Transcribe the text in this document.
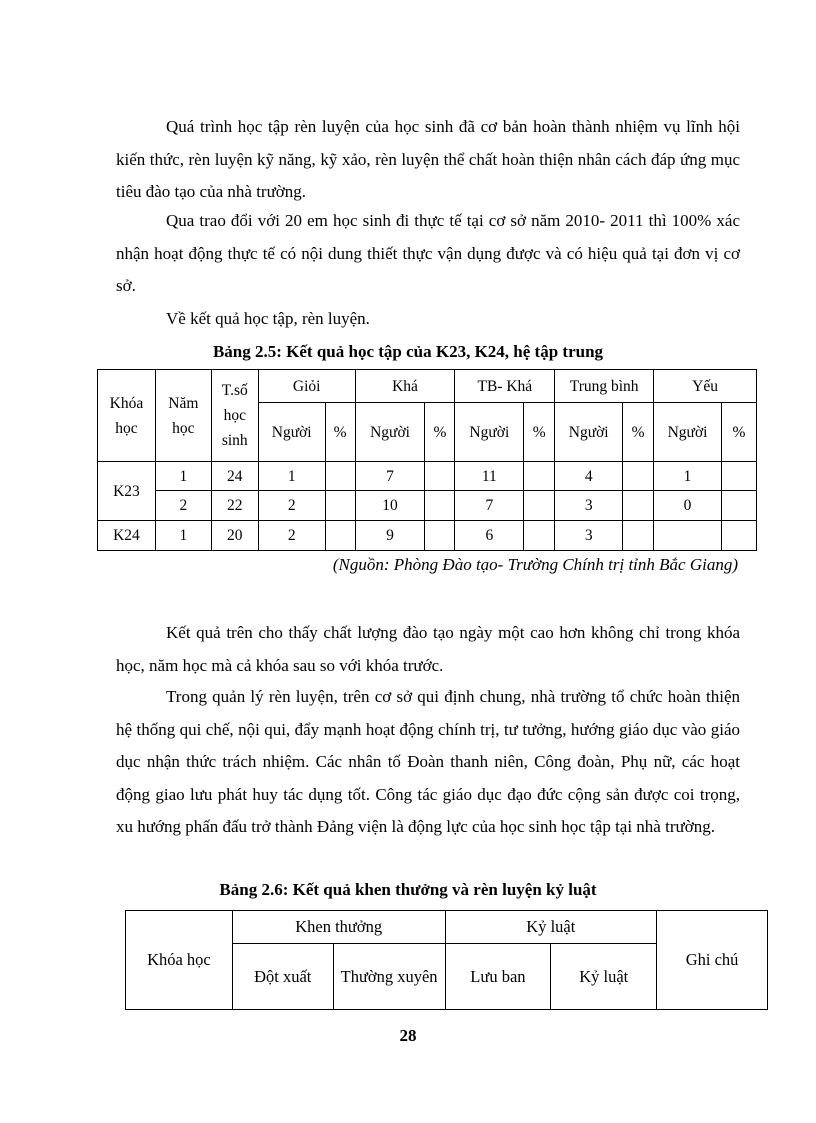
Quá trình học tập rèn luyện của học sinh đã cơ bản hoàn thành nhiệm vụ lĩnh hội kiến thức, rèn luyện kỹ năng, kỹ xảo, rèn luyện thể chất hoàn thiện nhân cách đáp ứng mục tiêu đào tạo của nhà trường.

Qua trao đổi với 20 em học sinh đi thực tế tại cơ sở năm 2010- 2011 thì 100% xác nhận hoạt động thực tế có nội dung thiết thực vận dụng được và có hiệu quả tại đơn vị cơ sở.

Về kết quả học tập, rèn luyện.

Bảng 2.5: Kết quả học tập của K23, K24, hệ tập trung

Khóa học	Năm học	T.số học sinh	Giỏi		Khá		TB- Khá		Trung bình		Yếu	
			Người	%	Người	%	Người	%	Người	%	Người	%
K23	1	24	1		7		11		4		1	
	2	22	2		10		7		3		0	
K24	1	20	2		9		6		3			

(Nguồn: Phòng Đào tạo- Trường Chính trị tỉnh Bắc Giang)

Kết quả trên cho thấy chất lượng đào tạo ngày một cao hơn không chỉ trong khóa học, năm học mà cả khóa sau so với khóa trước.

Trong quản lý rèn luyện, trên cơ sở qui định chung, nhà trường tổ chức hoàn thiện hệ thống qui chế, nội qui, đẩy mạnh hoạt động chính trị, tư tưởng, hướng giáo dục vào giáo dục nhận thức trách nhiệm. Các nhân tố Đoàn thanh niên, Công đoàn, Phụ nữ, các hoạt động giao lưu phát huy tác dụng tốt. Công tác giáo dục đạo đức cộng sản được coi trọng, xu hướng phấn đấu trở thành Đảng viện là động lực của học sinh học tập tại nhà trường.

Bảng 2.6: Kết quả khen thưởng và rèn luyện kỷ luật

Khóa học	Khen thưởng		Kỷ luật		Ghi chú
	Đột xuất	Thường xuyên	Lưu ban	Kỷ luật	

28
